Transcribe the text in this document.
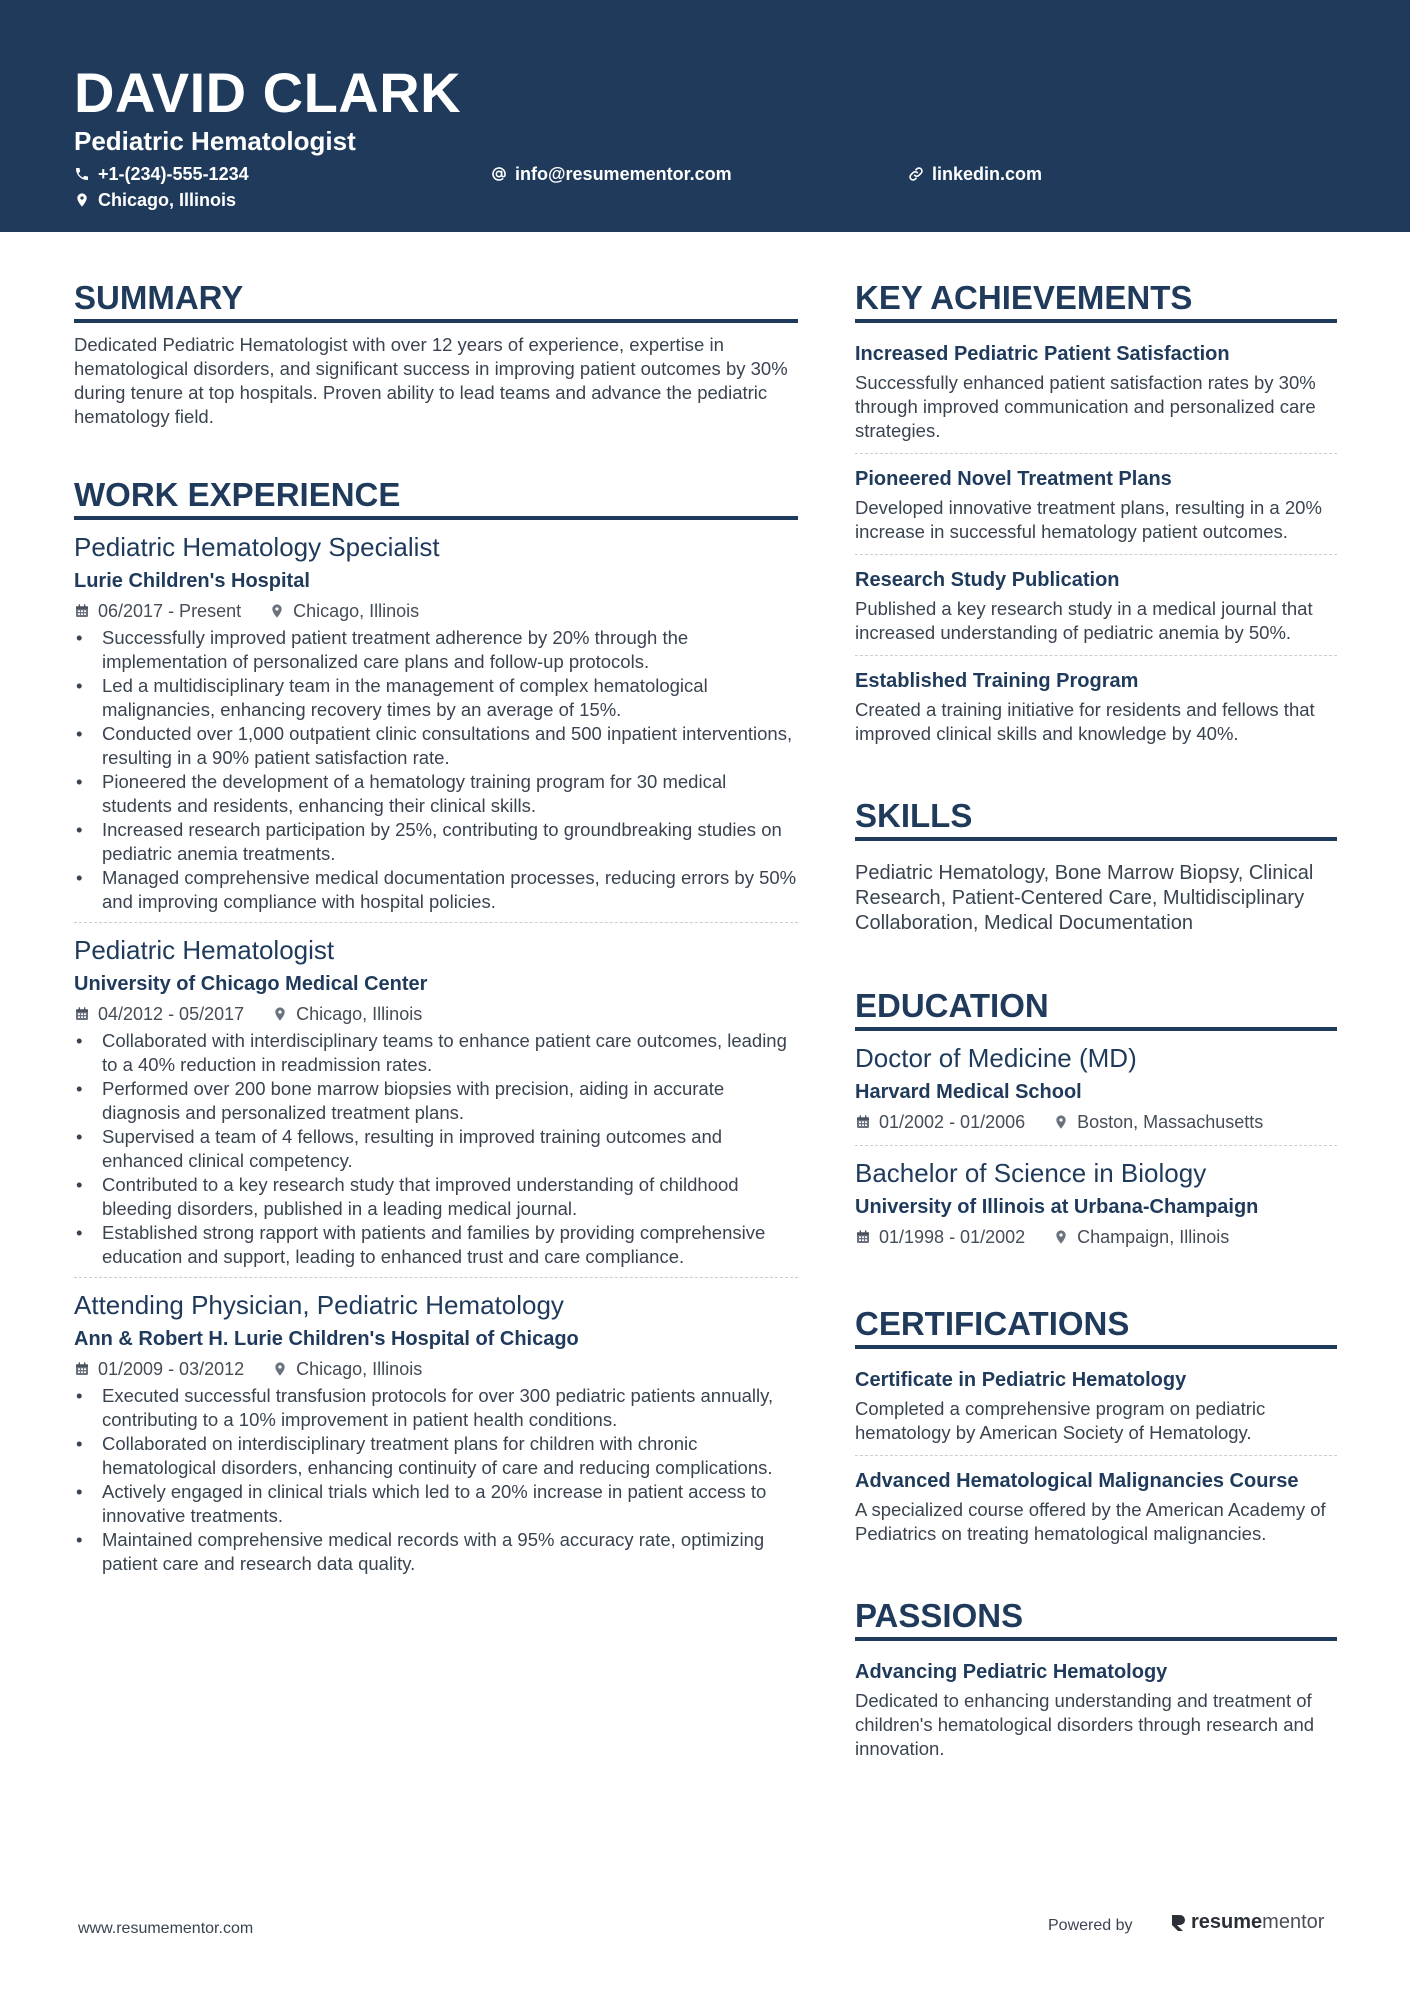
DAVID CLARK
Pediatric Hematologist
+1-(234)-555-1234	info@resumementor.com	linkedin.com
Chicago, Illinois
SUMMARY

Dedicated Pediatric Hematologist with over 12 years of experience, expertise in hematological disorders, and significant success in improving patient outcomes by 30% during tenure at top hospitals. Proven ability to lead teams and advance the pediatric hematology field.

WORK EXPERIENCE
Pediatric Hematology Specialist
Lurie Children's Hospital
06/2017 - Present	Chicago, Illinois
• Successfully improved patient treatment adherence by 20% through the implementation of personalized care plans and follow-up protocols.
• Led a multidisciplinary team in the management of complex hematological malignancies, enhancing recovery times by an average of 15%.
• Conducted over 1,000 outpatient clinic consultations and 500 inpatient interventions, resulting in a 90% patient satisfaction rate.
• Pioneered the development of a hematology training program for 30 medical students and residents, enhancing their clinical skills.
• Increased research participation by 25%, contributing to groundbreaking studies on pediatric anemia treatments.
• Managed comprehensive medical documentation processes, reducing errors by 50% and improving compliance with hospital policies.
Pediatric Hematologist
University of Chicago Medical Center
04/2012 - 05/2017	Chicago, Illinois
• Collaborated with interdisciplinary teams to enhance patient care outcomes, leading to a 40% reduction in readmission rates.
• Performed over 200 bone marrow biopsies with precision, aiding in accurate diagnosis and personalized treatment plans.
• Supervised a team of 4 fellows, resulting in improved training outcomes and enhanced clinical competency.
• Contributed to a key research study that improved understanding of childhood bleeding disorders, published in a leading medical journal.
• Established strong rapport with patients and families by providing comprehensive education and support, leading to enhanced trust and care compliance.
Attending Physician, Pediatric Hematology
Ann & Robert H. Lurie Children's Hospital of Chicago
01/2009 - 03/2012	Chicago, Illinois
• Executed successful transfusion protocols for over 300 pediatric patients annually, contributing to a 10% improvement in patient health conditions.
• Collaborated on interdisciplinary treatment plans for children with chronic hematological disorders, enhancing continuity of care and reducing complications.
• Actively engaged in clinical trials which led to a 20% increase in patient access to innovative treatments.
• Maintained comprehensive medical records with a 95% accuracy rate, optimizing patient care and research data quality.
KEY ACHIEVEMENTS
Increased Pediatric Patient Satisfaction

Successfully enhanced patient satisfaction rates by 30% through improved communication and personalized care strategies.

Pioneered Novel Treatment Plans

Developed innovative treatment plans, resulting in a 20% increase in successful hematology patient outcomes.

Research Study Publication

Published a key research study in a medical journal that increased understanding of pediatric anemia by 50%.

Established Training Program

Created a training initiative for residents and fellows that improved clinical skills and knowledge by 40%.

SKILLS
Pediatric Hematology, Bone Marrow Biopsy, Clinical Research, Patient-Centered Care, Multidisciplinary Collaboration, Medical Documentation
EDUCATION
Doctor of Medicine (MD)
Harvard Medical School
01/2002 - 01/2006	Boston, Massachusetts
Bachelor of Science in Biology
University of Illinois at Urbana-Champaign
01/1998 - 01/2002	Champaign, Illinois
CERTIFICATIONS
Certificate in Pediatric Hematology

Completed a comprehensive program on pediatric hematology by American Society of Hematology.

Advanced Hematological Malignancies Course

A specialized course offered by the American Academy of Pediatrics on treating hematological malignancies.

PASSIONS
Advancing Pediatric Hematology

Dedicated to enhancing understanding and treatment of children's hematological disorders through research and innovation.

www.resumementor.com	Powered by	resume mentor
